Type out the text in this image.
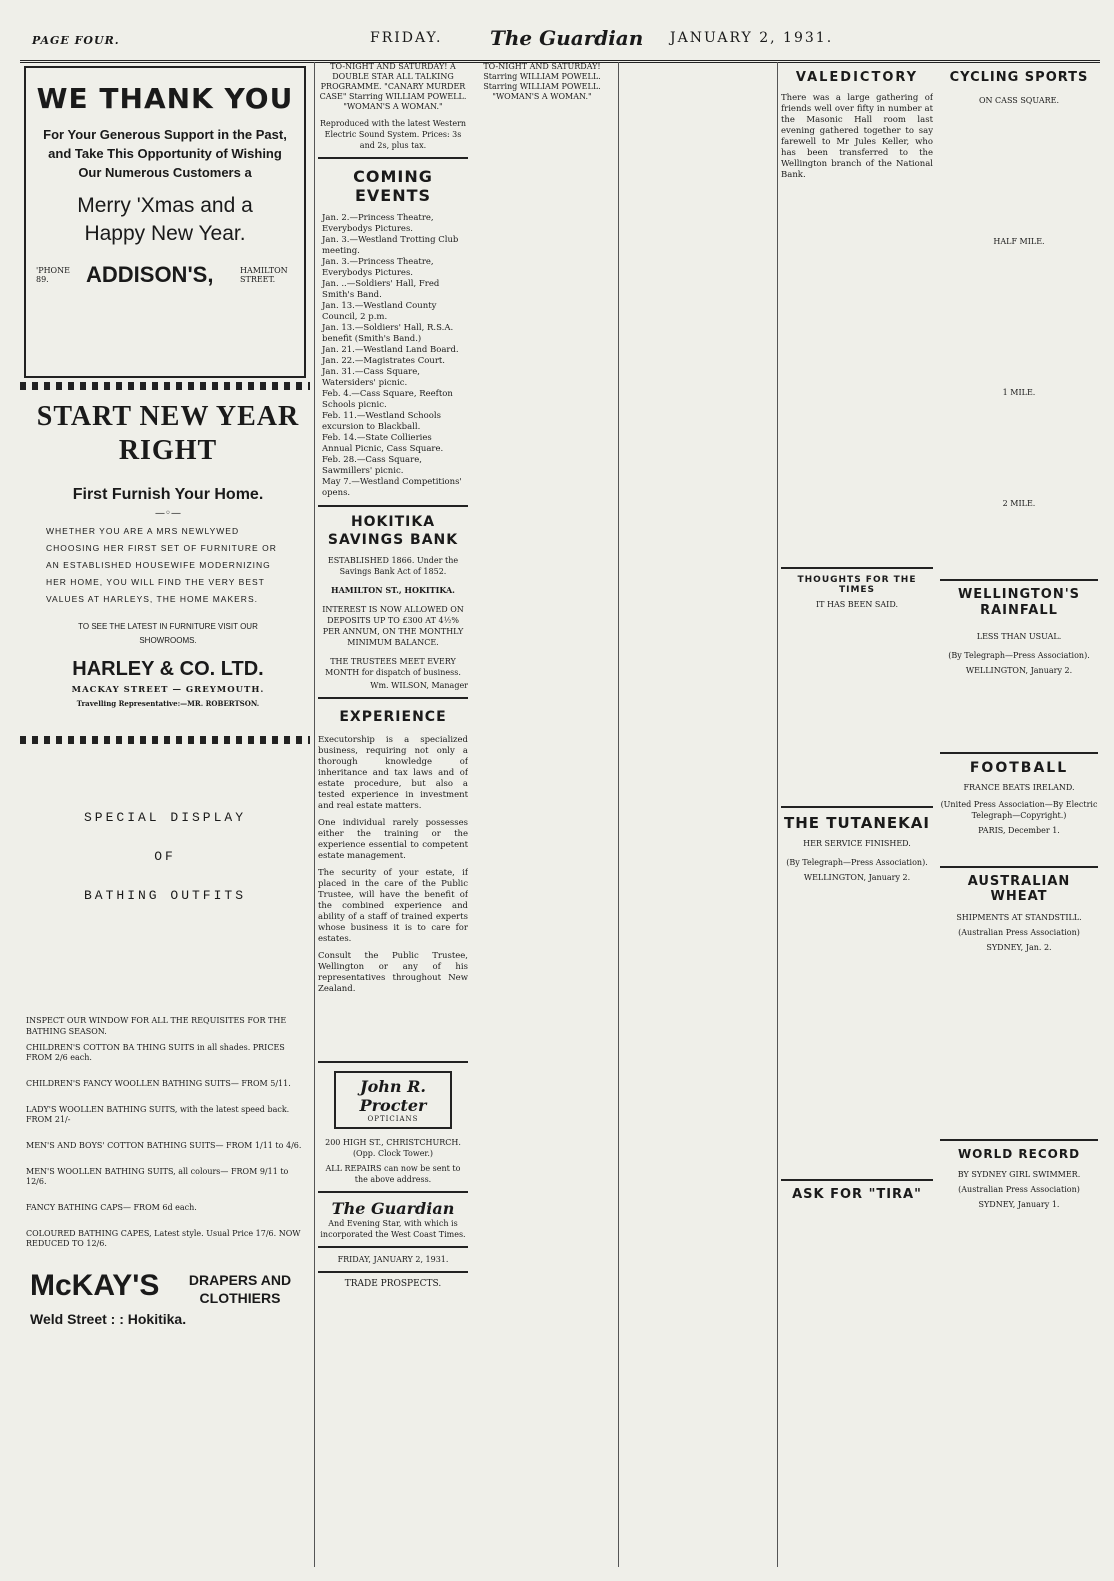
PAGE FOUR.	FRIDAY. The Guardian JANUARY 2, 1931.
WE THANK YOU
For Your Generous Support in the Past, and Take This Opportunity of Wishing Our Numerous Customers a
Merry 'Xmas and a Happy New Year.
'PHONE 89.	ADDISON'S,	HAMILTON STREET.
START NEW YEAR RIGHT
First Furnish Your Home.
—◦—
WHETHER YOU ARE A MRS NEWLYWED CHOOSING HER FIRST SET OF FURNITURE OR AN ESTABLISHED HOUSEWIFE MODERNIZING HER HOME, YOU WILL FIND THE VERY BEST VALUES AT HARLEYS, THE HOME MAKERS.
TO SEE THE LATEST IN FURNITURE VISIT OUR SHOWROOMS.
HARLEY & CO. LTD.
MACKAY STREET — GREYMOUTH.
Travelling Representative:—MR. ROBERTSON.
SPECIAL DISPLAY
OF
BATHING OUTFITS
INSPECT OUR WINDOW FOR ALL THE REQUISITES FOR THE BATHING SEASON.
CHILDREN'S COTTON BA THING SUITS in all shades. PRICES FROM 2/6 each.
CHILDREN'S FANCY WOOLLEN BATHING SUITS— FROM 5/11.
LADY'S WOOLLEN BATHING SUITS, with the latest speed back. FROM 21/-
MEN'S AND BOYS' COTTON BATHING SUITS— FROM 1/11 to 4/6.
MEN'S WOOLLEN BATHING SUITS, all colours— FROM 9/11 to 12/6.
FANCY BATHING CAPS— FROM 6d each.
COLOURED BATHING CAPES, Latest style. Usual Price 17/6. NOW REDUCED TO 12/6.
McKAY'S	DRAPERS AND CLOTHIERS
Weld Street : : Hokitika.
TO-NIGHT AND SATURDAY! A DOUBLE STAR ALL TALKING PROGRAMME. "CANARY MURDER CASE" Starring WILLIAM POWELL. "WOMAN'S A WOMAN."
Reproduced with the latest Western Electric Sound System. Prices: 3s and 2s, plus tax.
COMING EVENTS
Jan. 2.—Princess Theatre, Everybodys Pictures.
Jan. 3.—Westland Trotting Club meeting.
Jan. 3.—Princess Theatre, Everybodys Pictures.
Jan. ..—Soldiers' Hall, Fred Smith's Band.
Jan. 13.—Westland County Council, 2 p.m.
Jan. 13.—Soldiers' Hall, R.S.A. benefit (Smith's Band.)
Jan. 21.—Westland Land Board.
Jan. 22.—Magistrates Court.
Jan. 31.—Cass Square, Watersiders' picnic.
Feb. 4.—Cass Square, Reefton Schools picnic.
Feb. 11.—Westland Schools excursion to Blackball.
Feb. 14.—State Collieries Annual Picnic, Cass Square.
Feb. 28.—Cass Square, Sawmillers' picnic.
May 7.—Westland Competitions' opens.
HOKITIKA SAVINGS BANK
ESTABLISHED 1866. Under the Savings Bank Act of 1852.
HAMILTON ST., HOKITIKA.
INTEREST IS NOW ALLOWED ON DEPOSITS UP TO £300 AT 4½% PER ANNUM, ON THE MONTHLY MINIMUM BALANCE.
THE TRUSTEES MEET EVERY MONTH for dispatch of business.
Wm. WILSON, Manager
EXPERIENCE

Executorship is a specialized business, requiring not only a thorough knowledge of inheritance and tax laws and of estate procedure, but also a tested experience in investment and real estate matters.

One individual rarely possesses either the training or the experience essential to competent estate management.

The security of your estate, if placed in the care of the Public Trustee, will have the benefit of the combined experience and ability of a staff of trained experts whose business it is to care for estates.

Consult the Public Trustee, Wellington or any of his representatives throughout New Zealand.

John R. Procter
OPTICIANS
200 HIGH ST., CHRISTCHURCH. (Opp. Clock Tower.)
ALL REPAIRS can now be sent to the above address.
The Guardian
And Evening Star, with which is incorporated the West Coast Times.
FRIDAY, JANUARY 2, 1931.
TRADE PROSPECTS.
TO-NIGHT AND SATURDAY! Starring WILLIAM POWELL. Starring WILLIAM POWELL. "WOMAN'S A WOMAN."
VALEDICTORY

There was a large gathering of friends well over fifty in number at the Masonic Hall room last evening gathered together to say farewell to Mr Jules Keller, who has been transferred to the Wellington branch of the National Bank.

THOUGHTS FOR THE TIMES
IT HAS BEEN SAID.
THE TUTANEKAI
HER SERVICE FINISHED.
(By Telegraph—Press Association).
WELLINGTON, January 2.
ASK FOR "TIRA"
CYCLING SPORTS
ON CASS SQUARE.
HALF MILE.
1 MILE.
2 MILE.
WELLINGTON'S RAINFALL
LESS THAN USUAL.
(By Telegraph—Press Association).
WELLINGTON, January 2.
FOOTBALL
FRANCE BEATS IRELAND.
(United Press Association—By Electric Telegraph—Copyright.)
PARIS, December 1.
AUSTRALIAN WHEAT
SHIPMENTS AT STANDSTILL.
(Australian Press Association)
SYDNEY, Jan. 2.
WORLD RECORD
BY SYDNEY GIRL SWIMMER.
(Australian Press Association)
SYDNEY, January 1.
